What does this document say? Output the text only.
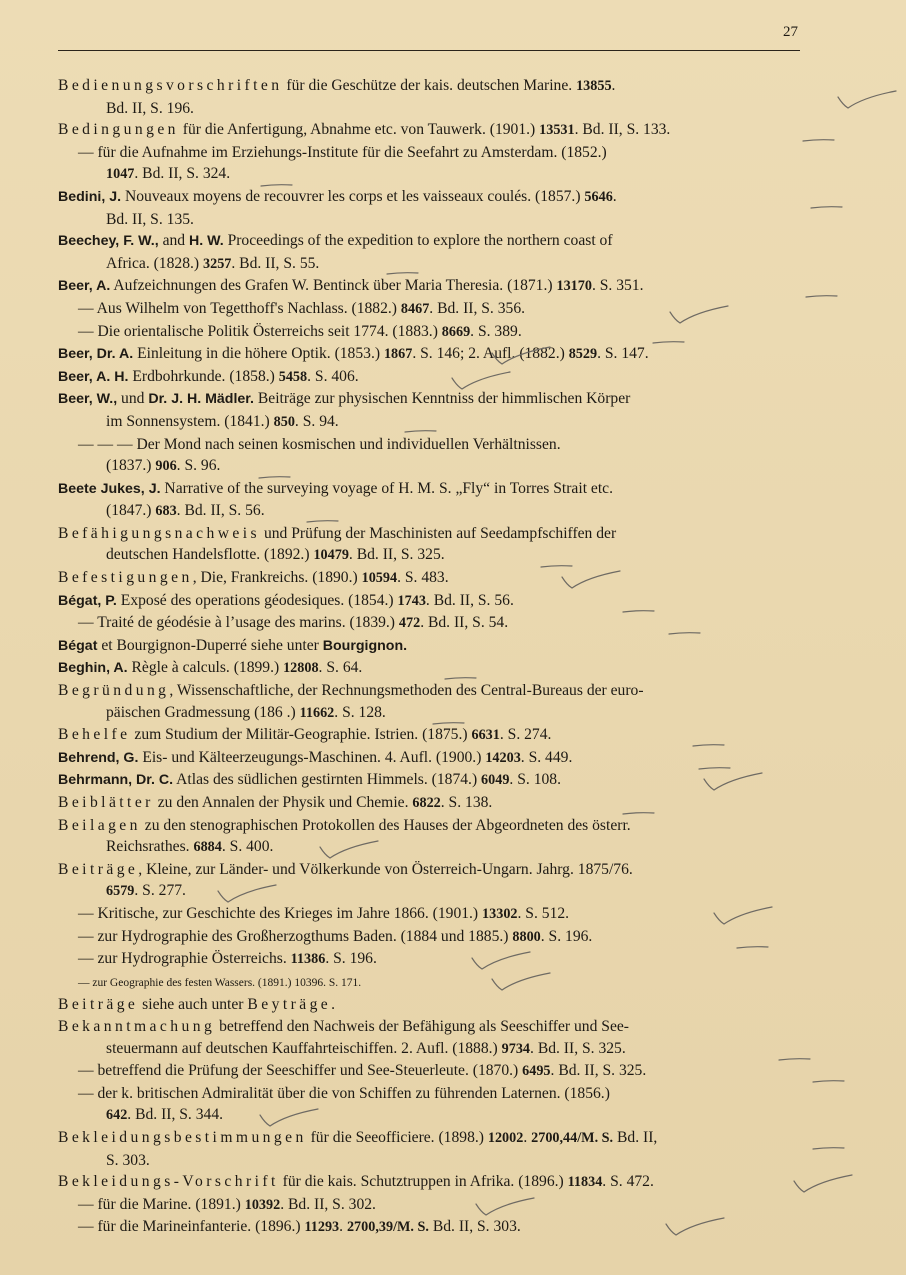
27
Bedienungsvorschriften für die Geschütze der kais. deutschen Marine. 13855.
Bd. II, S. 196.
Bedingungen für die Anfertigung, Abnahme etc. von Tauwerk. (1901.) 13531. Bd. II, S. 133.
— für die Aufnahme im Erziehungs-Institute für die Seefahrt zu Amsterdam. (1852.)
1047. Bd. II, S. 324.
Bedini, J. Nouveaux moyens de recouvrer les corps et les vaisseaux coulés. (1857.) 5646.
Bd. II, S. 135.
Beechey, F. W., and H. W. Proceedings of the expedition to explore the northern coast of
Africa. (1828.) 3257. Bd. II, S. 55.
Beer, A. Aufzeichnungen des Grafen W. Bentinck über Maria Theresia. (1871.) 13170. S. 351.
— Aus Wilhelm von Tegetthoff's Nachlass. (1882.) 8467. Bd. II, S. 356.
— Die orientalische Politik Österreichs seit 1774. (1883.) 8669. S. 389.
Beer, Dr. A. Einleitung in die höhere Optik. (1853.) 1867. S. 146; 2. Aufl. (1882.) 8529. S. 147.
Beer, A. H. Erdbohrkunde. (1858.) 5458. S. 406.
Beer, W., und Dr. J. H. Mädler. Beiträge zur physischen Kenntniss der himmlischen Körper
im Sonnensystem. (1841.) 850. S. 94.
— — — Der Mond nach seinen kosmischen und individuellen Verhältnissen.
(1837.) 906. S. 96.
Beete Jukes, J. Narrative of the surveying voyage of H. M. S. „Fly“ in Torres Strait etc.
(1847.) 683. Bd. II, S. 56.
Befähigungsnachweis und Prüfung der Maschinisten auf Seedampfschiffen der
deutschen Handelsflotte. (1892.) 10479. Bd. II, S. 325.
Befestigungen, Die, Frankreichs. (1890.) 10594. S. 483.
Bégat, P. Exposé des operations géodesiques. (1854.) 1743. Bd. II, S. 56.
— Traité de géodésie à l’usage des marins. (1839.) 472. Bd. II, S. 54.
Bégat et Bourgignon-Duperré siehe unter Bourgignon.
Beghin, A. Règle à calculs. (1899.) 12808. S. 64.
Begründung, Wissenschaftliche, der Rechnungsmethoden des Central-Bureaus der euro-
päischen Gradmessung (186 .) 11662. S. 128.
Behelfe zum Studium der Militär-Geographie. Istrien. (1875.) 6631. S. 274.
Behrend, G. Eis- und Kälteerzeugungs-Maschinen. 4. Aufl. (1900.) 14203. S. 449.
Behrmann, Dr. C. Atlas des südlichen gestirnten Himmels. (1874.) 6049. S. 108.
Beiblätter zu den Annalen der Physik und Chemie. 6822. S. 138.
Beilagen zu den stenographischen Protokollen des Hauses der Abgeordneten des österr.
Reichsrathes. 6884. S. 400.
Beiträge, Kleine, zur Länder- und Völkerkunde von Österreich-Ungarn. Jahrg. 1875/76.
6579. S. 277.
— Kritische, zur Geschichte des Krieges im Jahre 1866. (1901.) 13302. S. 512.
— zur Hydrographie des Großherzogthums Baden. (1884 und 1885.) 8800. S. 196.
— zur Hydrographie Österreichs. 11386. S. 196.
— zur Geographie des festen Wassers. (1891.) 10396. S. 171.
Beiträge siehe auch unter Beyträge.
Bekanntmachung betreffend den Nachweis der Befähigung als Seeschiffer und See-
steuermann auf deutschen Kauffahrteischiffen. 2. Aufl. (1888.) 9734. Bd. II, S. 325.
— betreffend die Prüfung der Seeschiffer und See-Steuerleute. (1870.) 6495. Bd. II, S. 325.
— der k. britischen Admiralität über die von Schiffen zu führenden Laternen. (1856.)
642. Bd. II, S. 344.
Bekleidungsbestimmungen für die Seeofficiere. (1898.) 12002. 2700,44/M. S. Bd. II,
S. 303.
Bekleidungs-Vorschrift für die kais. Schutztruppen in Afrika. (1896.) 11834. S. 472.
— für die Marine. (1891.) 10392. Bd. II, S. 302.
— für die Marineinfanterie. (1896.) 11293. 2700,39/M. S. Bd. II, S. 303.
